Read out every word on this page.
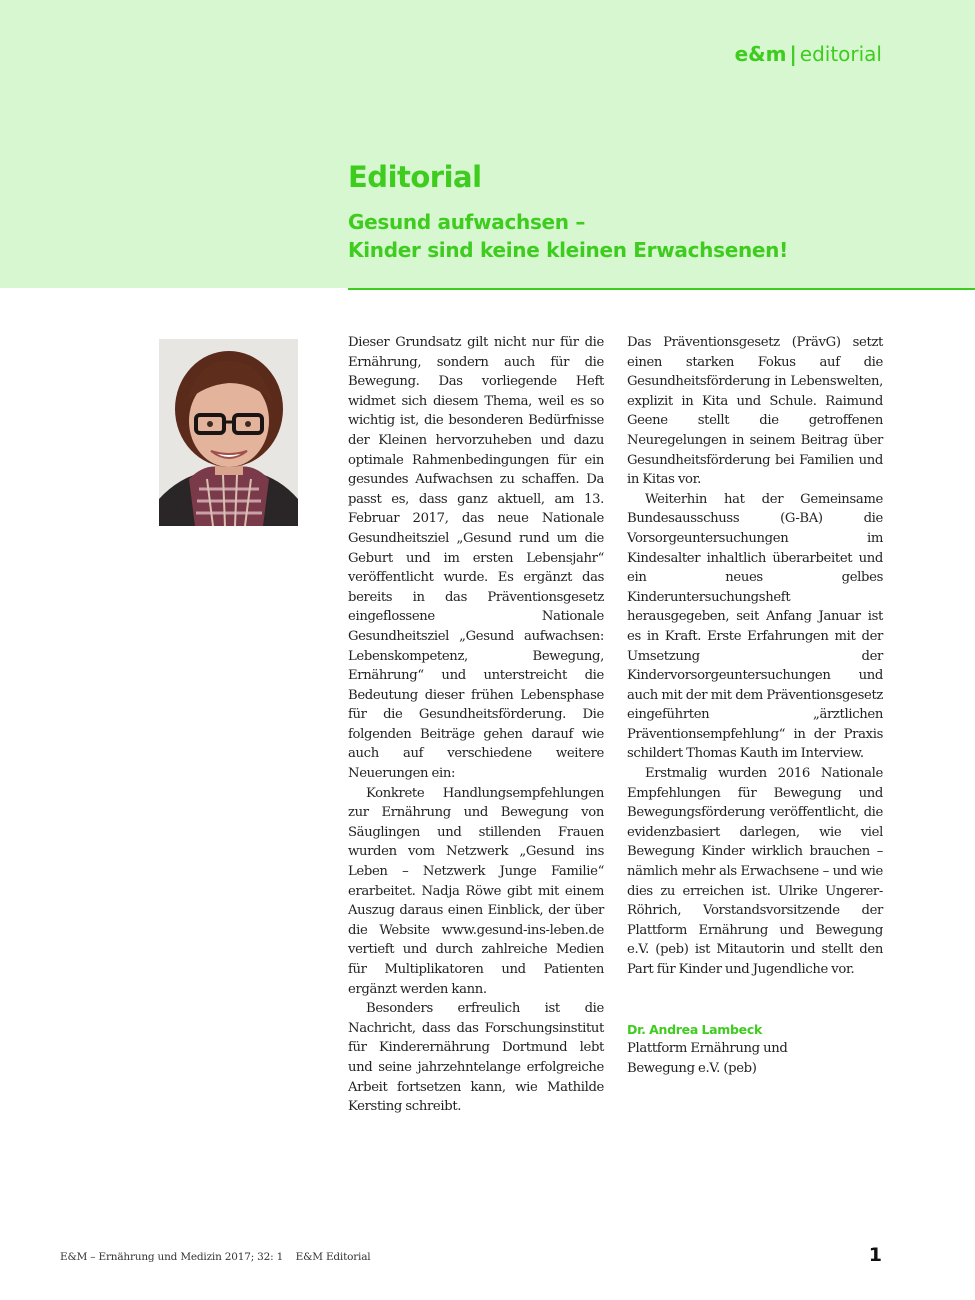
e&m | editorial
Editorial
Gesund aufwachsen –
Kinder sind keine kleinen Erwachsenen!

Dieser Grundsatz gilt nicht nur für die Ernährung, sondern auch für die Bewegung. Das vorliegende Heft widmet sich diesem Thema, weil es so wichtig ist, die besonderen Bedürfnisse der Kleinen hervorzuheben und dazu optimale Rahmenbedingungen für ein gesundes Aufwachsen zu schaffen. Da passt es, dass ganz aktuell, am 13. Februar 2017, das neue Nationale Gesundheitsziel „Gesund rund um die Geburt und im ersten Lebensjahr“ veröffentlicht wurde. Es ergänzt das bereits in das Präventionsgesetz eingeflossene Nationale Gesundheitsziel „Gesund aufwachsen: Lebenskompetenz, Bewegung, Ernährung“ und unterstreicht die Bedeutung dieser frühen Lebensphase für die Gesundheitsförderung. Die folgenden Beiträge gehen darauf wie auch auf verschiedene weitere Neuerungen ein:

Konkrete Handlungsempfehlungen zur Ernährung und Bewegung von Säuglingen und stillenden Frauen wurden vom Netzwerk „Gesund ins Leben – Netzwerk Junge Familie“ erarbeitet. Nadja Röwe gibt mit einem Auszug daraus einen Einblick, der über die Website www.gesund-ins-leben.de vertieft und durch zahlreiche Medien für Multiplikatoren und Patienten ergänzt werden kann.

Besonders erfreulich ist die Nachricht, dass das Forschungsinstitut für Kinderernährung Dortmund lebt und seine jahrzehntelange erfolgreiche Arbeit fortsetzen kann, wie Mathilde Kersting schreibt.

Das Präventionsgesetz (PrävG) setzt einen starken Fokus auf die Gesundheitsförderung in Lebenswelten, explizit in Kita und Schule. Raimund Geene stellt die getroffenen Neuregelungen in seinem Beitrag über Gesundheitsförderung bei Familien und in Kitas vor.

Weiterhin hat der Gemeinsame Bundesausschuss (G-BA) die Vorsorgeuntersuchungen im Kindesalter inhaltlich überarbeitet und ein neues gelbes Kinderuntersuchungsheft herausgegeben, seit Anfang Januar ist es in Kraft. Erste Erfahrungen mit der Umsetzung der Kindervorsorgeuntersuchungen und auch mit der mit dem Präventionsgesetz eingeführten „ärztlichen Präventionsempfehlung“ in der Praxis schildert Thomas Kauth im Interview.

Erstmalig wurden 2016 Nationale Empfehlungen für Bewegung und Bewegungsförderung veröffentlicht, die evidenzbasiert darlegen, wie viel Bewegung Kinder wirklich brauchen – nämlich mehr als Erwachsene – und wie dies zu erreichen ist. Ulrike Ungerer-Röhrich, Vorstandsvorsitzende der Plattform Ernährung und Bewegung e.V. (peb) ist Mitautorin und stellt den Part für Kinder und Jugendliche vor.

Dr. Andrea Lambeck
Plattform Ernährung und
Bewegung e.V. (peb)
E&M – Ernährung und Medizin 2017; 32: 1    E&M Editorial	1
